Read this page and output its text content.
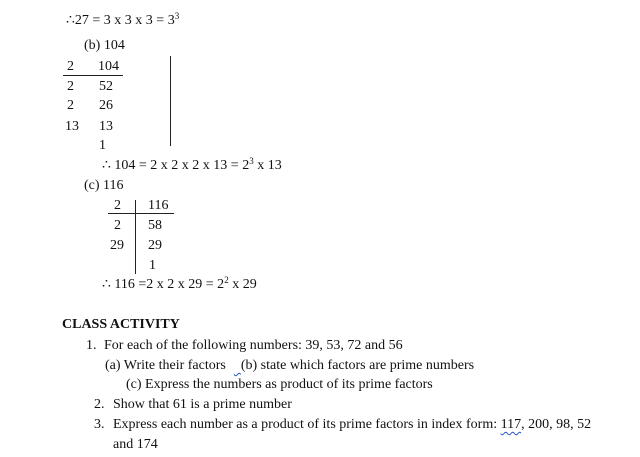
∴27 = 3 x 3 x $3 = 3^3$
(b) 104
2
2
2
13
104
52
26
13
1
∴ 104 = 2 x 2 x 2 x $13 = 2^3$ x 13
(c) 116
2
2
29
116
58
29
1
∴ 116 =2 x 2 x $29 = 2^2$ x 29
CLASS ACTIVITY
1. For each of the following numbers: 39, 53, 72 and 56
(a) Write their factors (b) state which factors are prime numbers
(c) Express the numbers as product of its prime factors
2. Show that 61 is a prime number
3. Express each number as a product of its prime factors in index form: 117, 200, 98, 52
and 174
